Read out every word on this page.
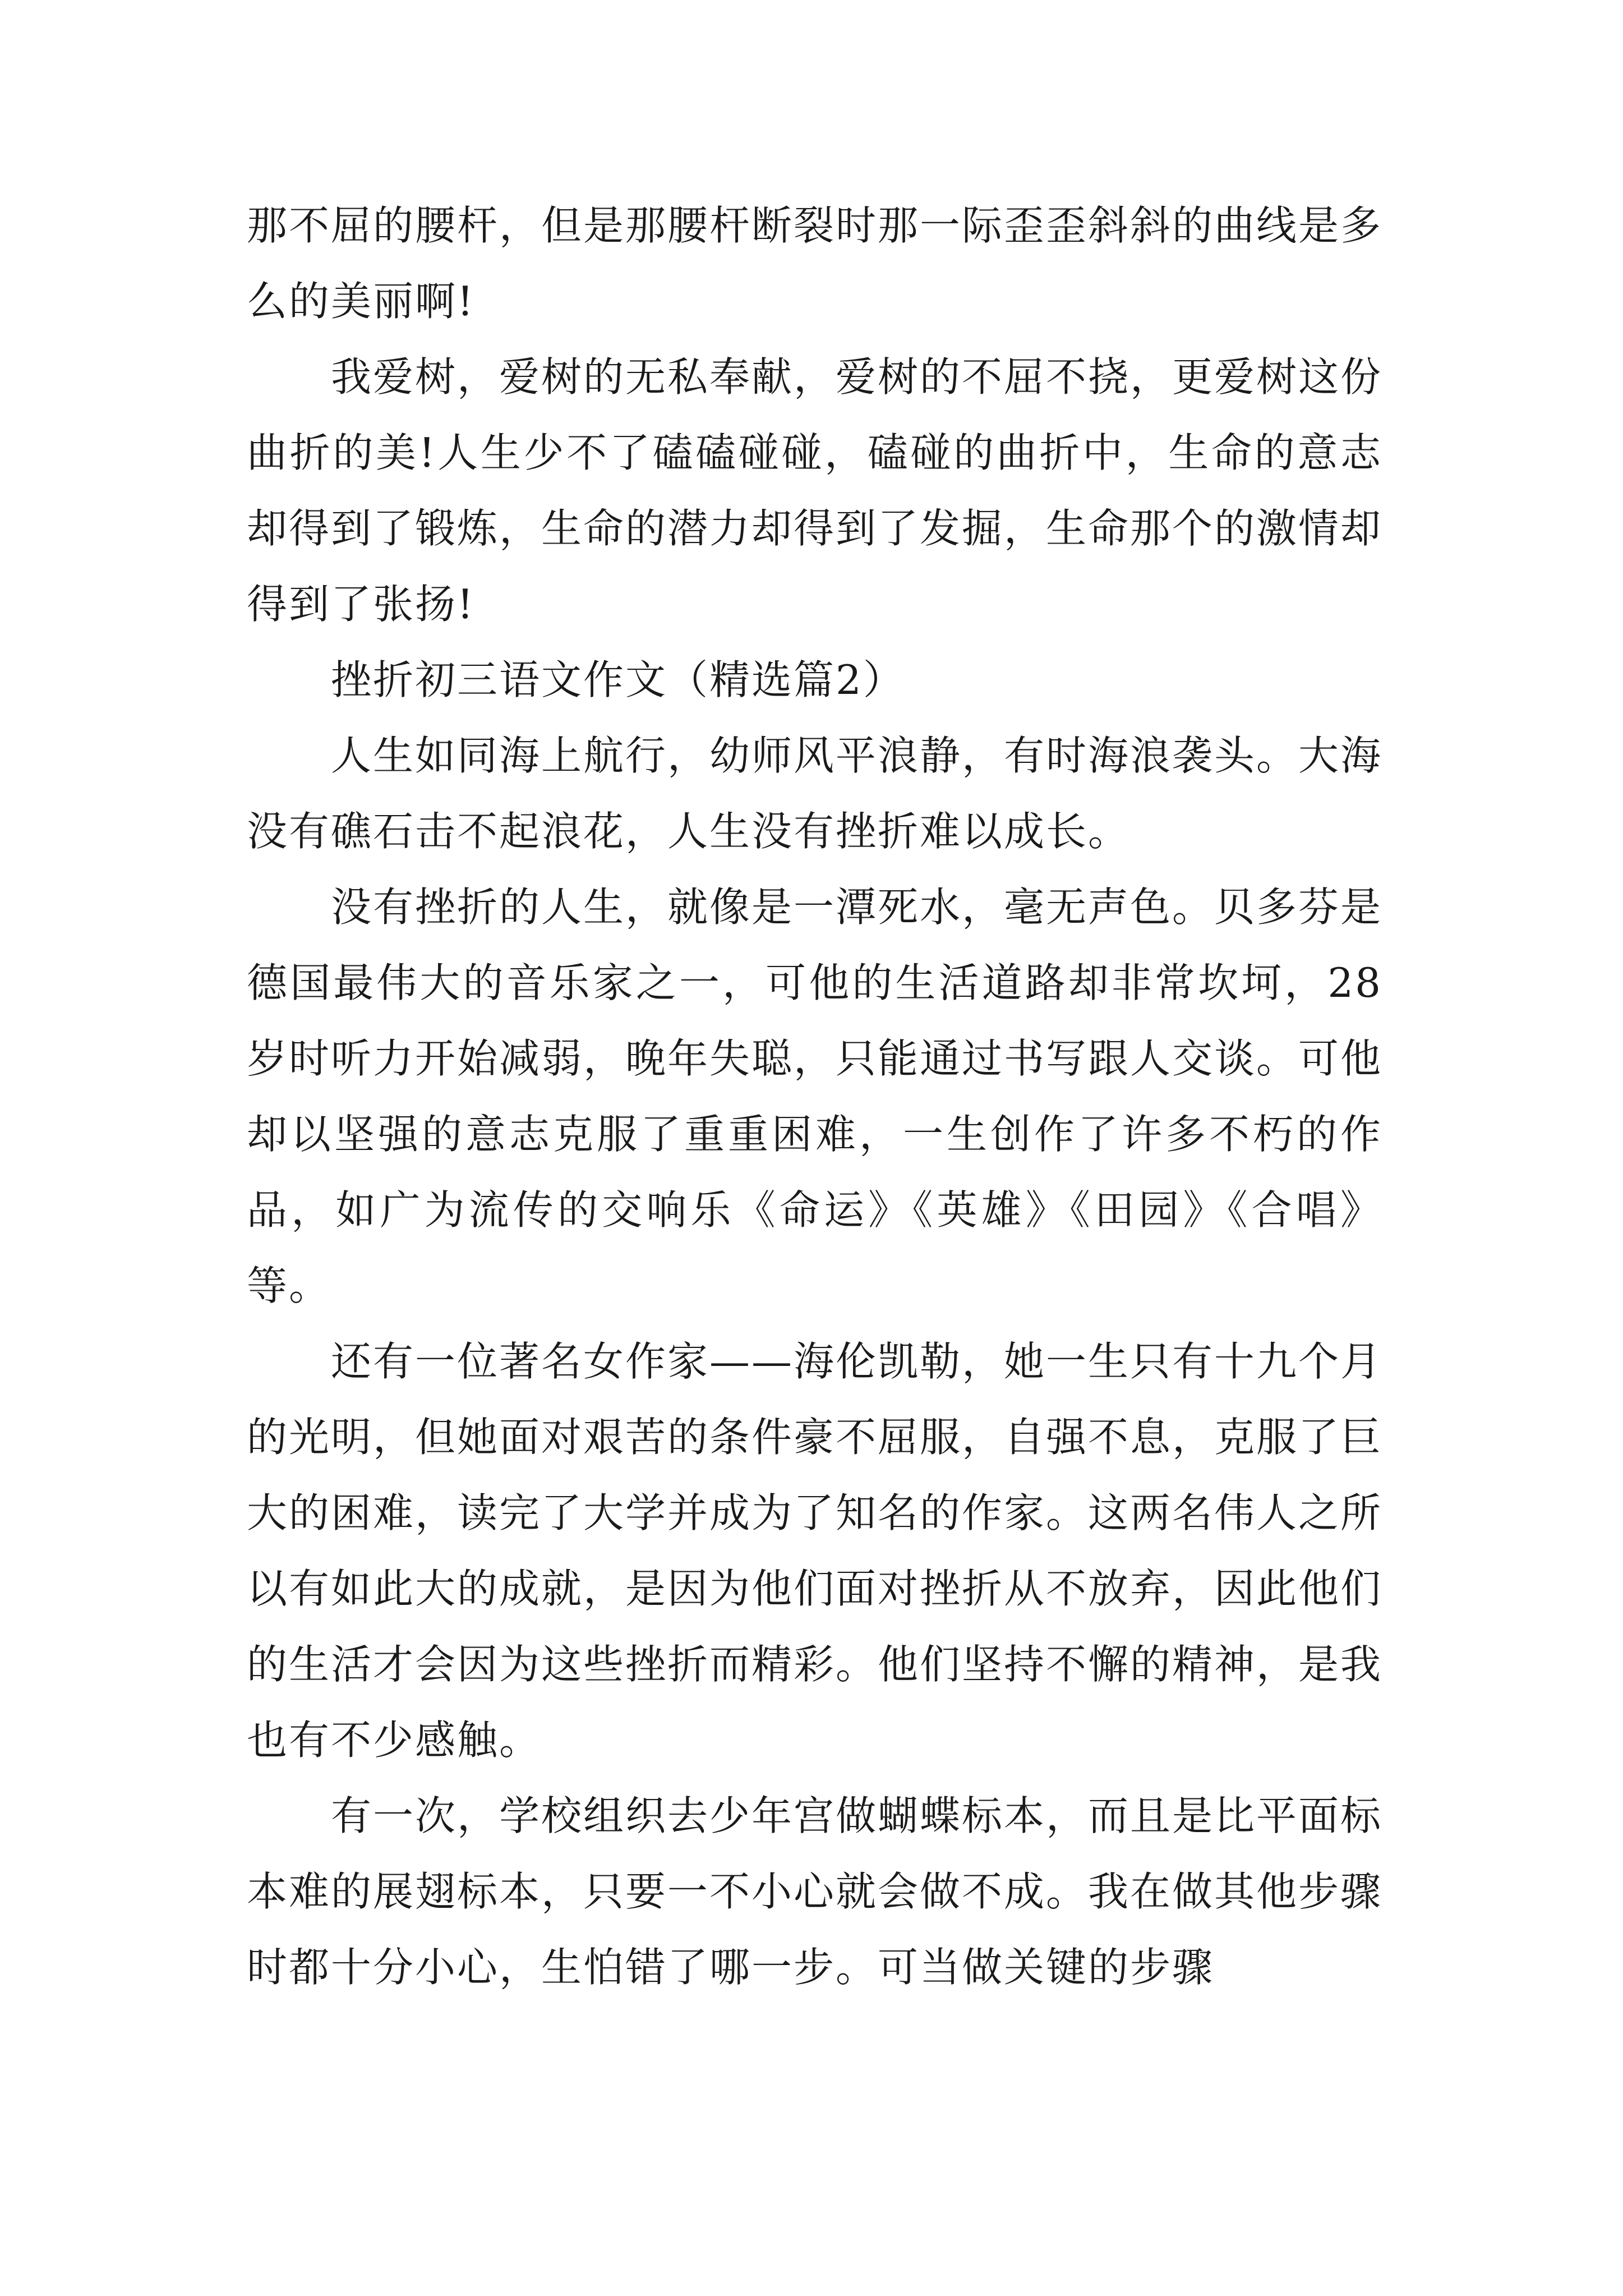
那不屈的腰杆，但是那腰杆断裂时那一际歪歪斜斜的曲线是多么的美丽啊!

我爱树，爱树的无私奉献，爱树的不屈不挠，更爱树这份曲折的美!人生少不了磕磕碰碰，磕碰的曲折中，生命的意志却得到了锻炼，生命的潜力却得到了发掘，生命那个的激情却得到了张扬!

挫折初三语文作文（精选篇2）

人生如同海上航行，幼师风平浪静，有时海浪袭头。大海没有礁石击不起浪花，人生没有挫折难以成长。

没有挫折的人生，就像是一潭死水，毫无声色。贝多芬是德国最伟大的音乐家之一，可他的生活道路却非常坎坷，28岁时听力开始减弱，晚年失聪，只能通过书写跟人交谈。可他却以坚强的意志克服了重重困难，一生创作了许多不朽的作品，如广为流传的交响乐《命运》《英雄》《田园》《合唱》等。

还有一位著名女作家——海伦凯勒，她一生只有十九个月的光明，但她面对艰苦的条件豪不屈服，自强不息，克服了巨大的困难，读完了大学并成为了知名的作家。这两名伟人之所以有如此大的成就，是因为他们面对挫折从不放弃，因此他们的生活才会因为这些挫折而精彩。他们坚持不懈的精神，是我也有不少感触。

有一次，学校组织去少年宫做蝴蝶标本，而且是比平面标本难的展翅标本，只要一不小心就会做不成。我在做其他步骤时都十分小心，生怕错了哪一步。可当做关键的步骤
